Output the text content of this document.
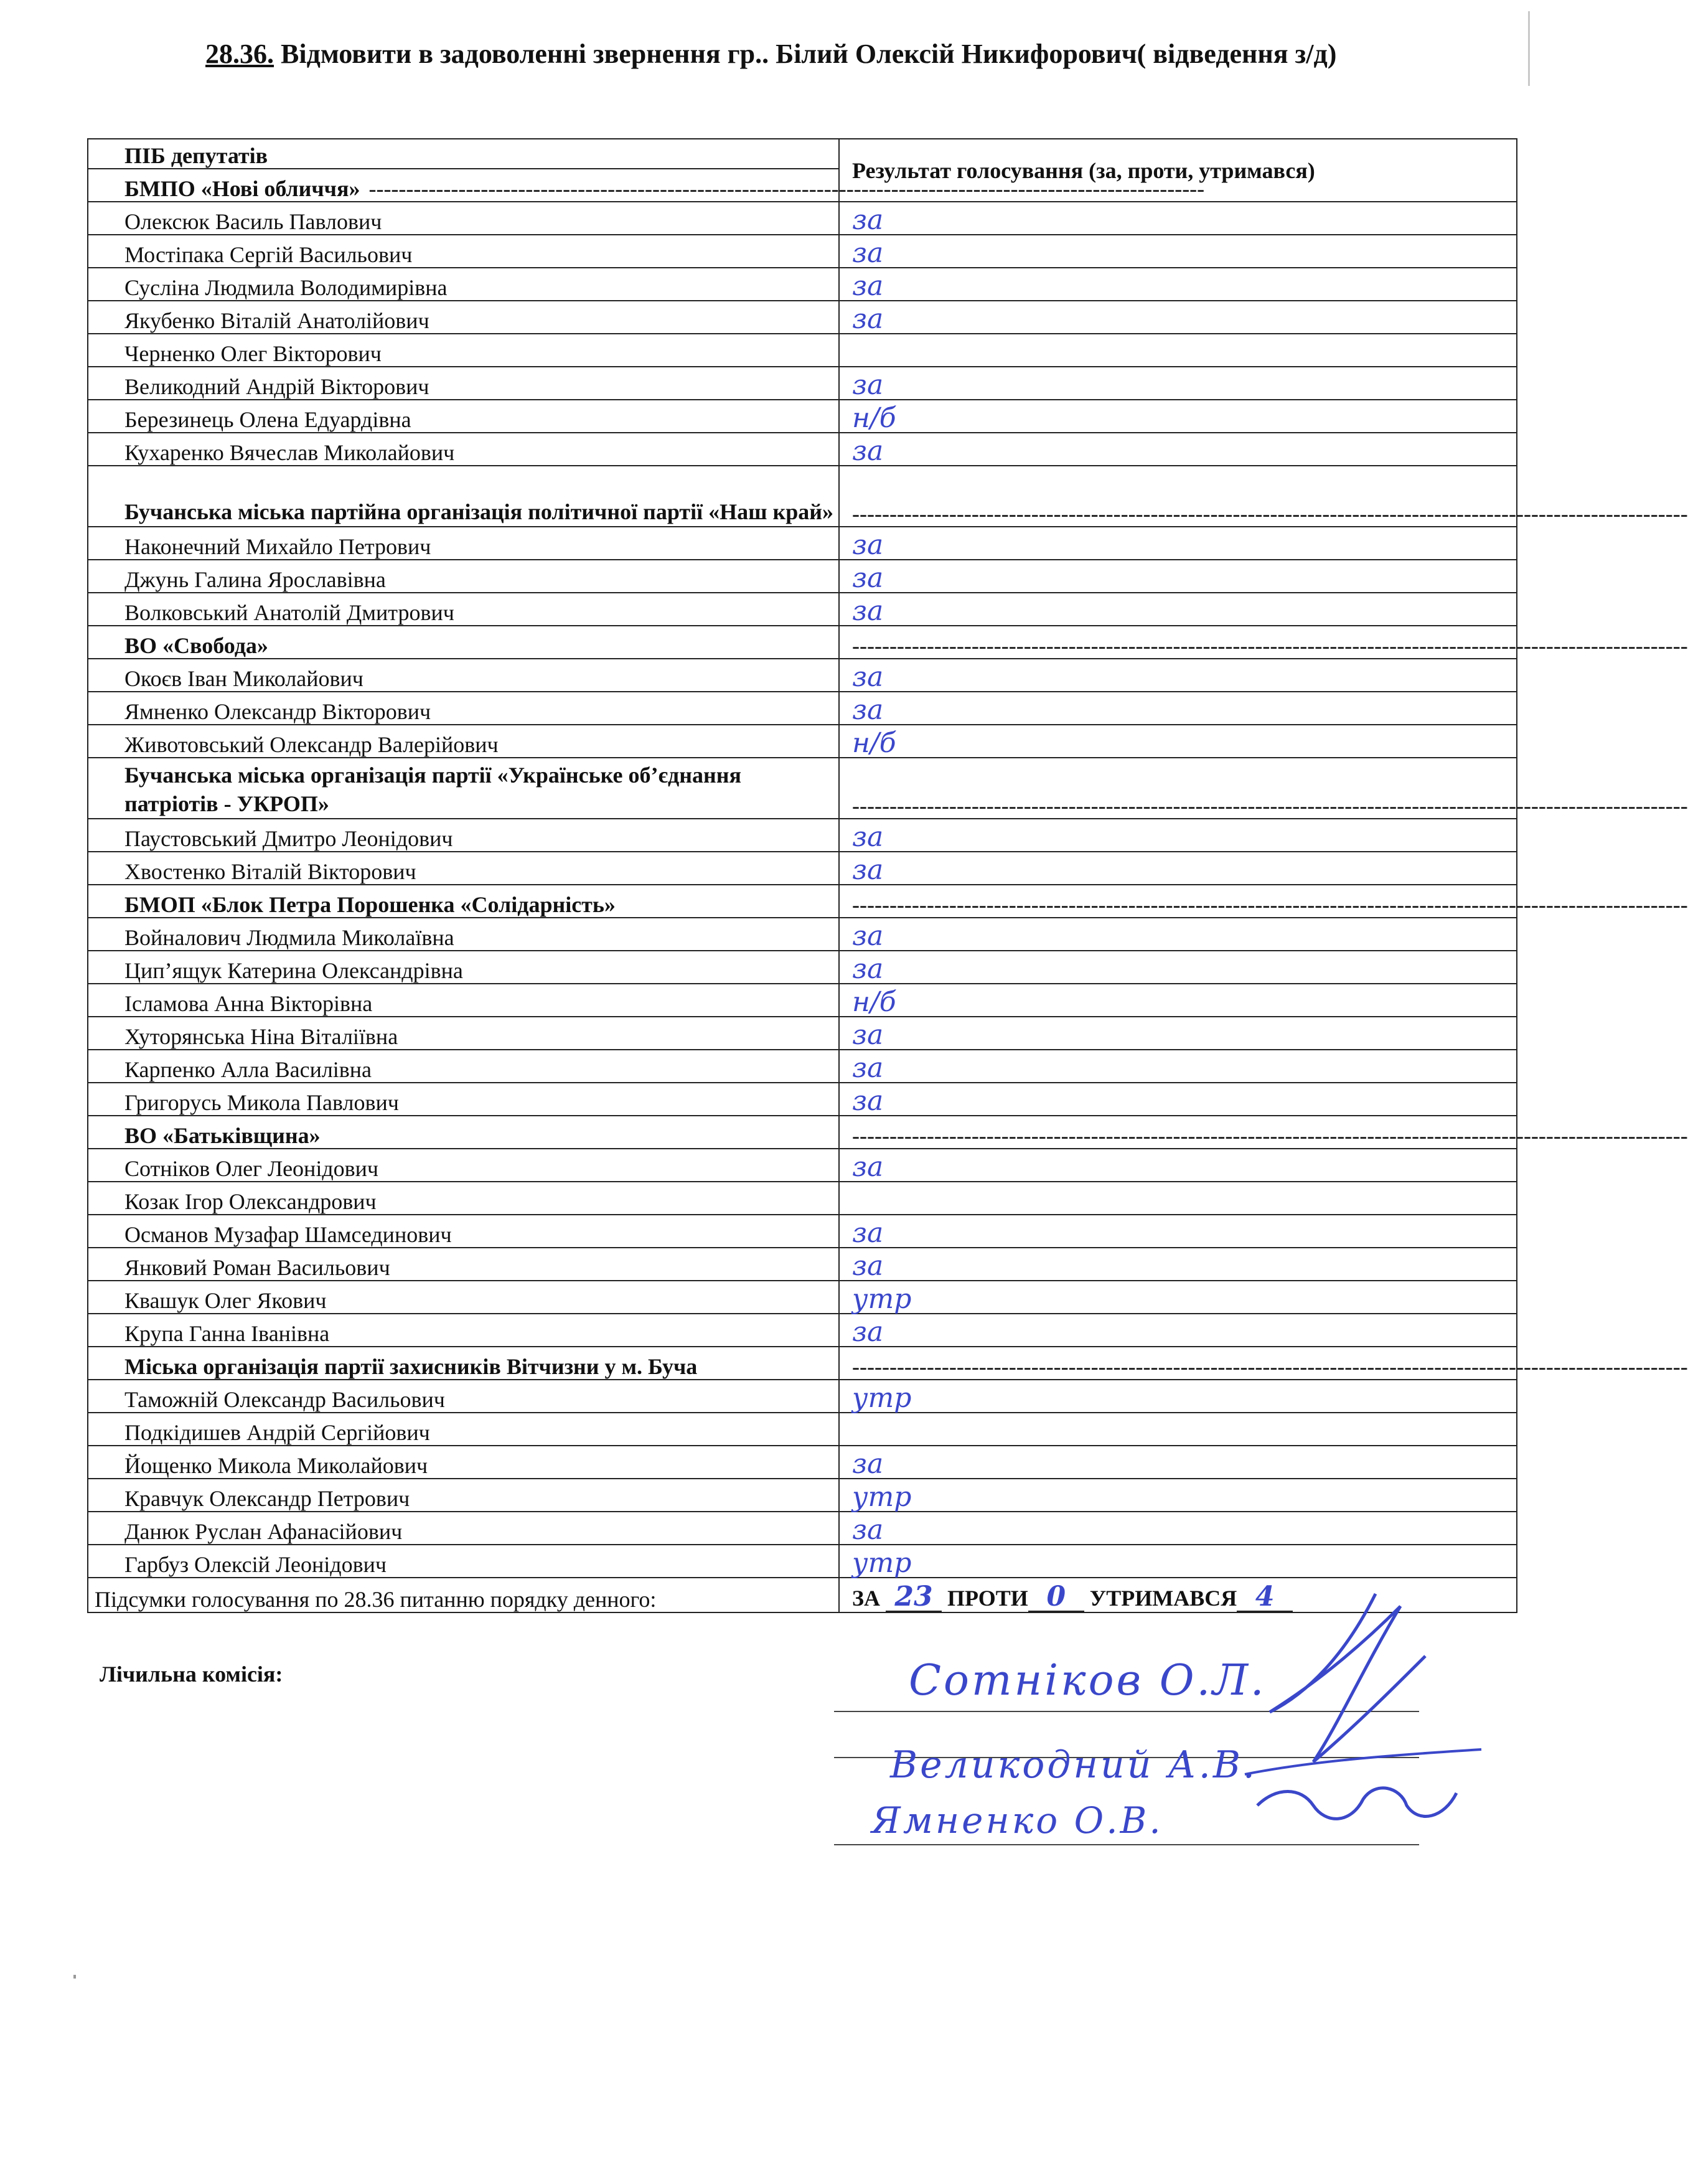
28.36. Відмовити в задоволенні звернення гр.. Білий Олексій Никифорович( відведення з/д)
ПІБ депутатів	Результат голосування (за, проти, утримався)
БМПО «Нові обличчя» ----------------------------------------------------------------------------------------------------------------	
Олексюк Василь Павлович	за
Мостіпака Сергій Васильович	за
Сусліна Людмила Володимирівна	за
Якубенко Віталій Анатолійович	за
Черненко Олег Вікторович	
Великодний Андрій Вікторович	за
Березинець Олена Едуардівна	н/б
Кухаренко Вячеслав Миколайович	за
Бучанська міська партійна організація політичної партії «Наш край»	----------------------------------------------------------------------------------------------------------------

Наконечний Михайло Петрович	за
Джунь Галина Ярославівна	за
Волковський Анатолій Дмитрович	за
ВО «Свобода»	----------------------------------------------------------------------------------------------------------------

Окоєв Іван Миколайович	за
Ямненко Олександр Вікторович	за
Животовський Олександр Валерійович	н/б
Бучанська міська організація партії «Українське об’єднання патріотів - УКРОП»	----------------------------------------------------------------------------------------------------------------

Паустовський Дмитро Леонідович	за
Хвостенко Віталій Вікторович	за
БМОП «Блок Петра Порошенка «Солідарність»	----------------------------------------------------------------------------------------------------------------

Войналович Людмила Миколаївна	за
Цип’ящук Катерина Олександрівна	за
Ісламова Анна Вікторівна	н/б
Хуторянська Ніна Віталіївна	за
Карпенко Алла Василівна	за
Григорусь Микола Павлович	за
ВО «Батьківщина»	----------------------------------------------------------------------------------------------------------------

Сотніков Олег Леонідович	за
Козак Ігор Олександрович	
Османов Музафар Шамсединович	за
Янковий Роман Васильович	за
Квашук Олег Якович	утр
Крупа Ганна Іванівна	за
Міська організація партії захисників Вітчизни у м. Буча	----------------------------------------------------------------------------------------------------------------

Таможній Олександр Васильович	утр
Подкідишев Андрій Сергійович	
Йощенко Микола Миколайович	за
Кравчук Олександр Петрович	утр
Данюк Руслан Афанасійович	за
Гарбуз Олексій Леонідович	утр
Підсумки голосування по 28.36 питанню порядку денного:	ЗА 23 ПРОТИ 0 УТРИМАВСЯ 4
Лічильна комісія:	Сотніков О.Л.
Великодний А.В.
Ямненко О.В.
